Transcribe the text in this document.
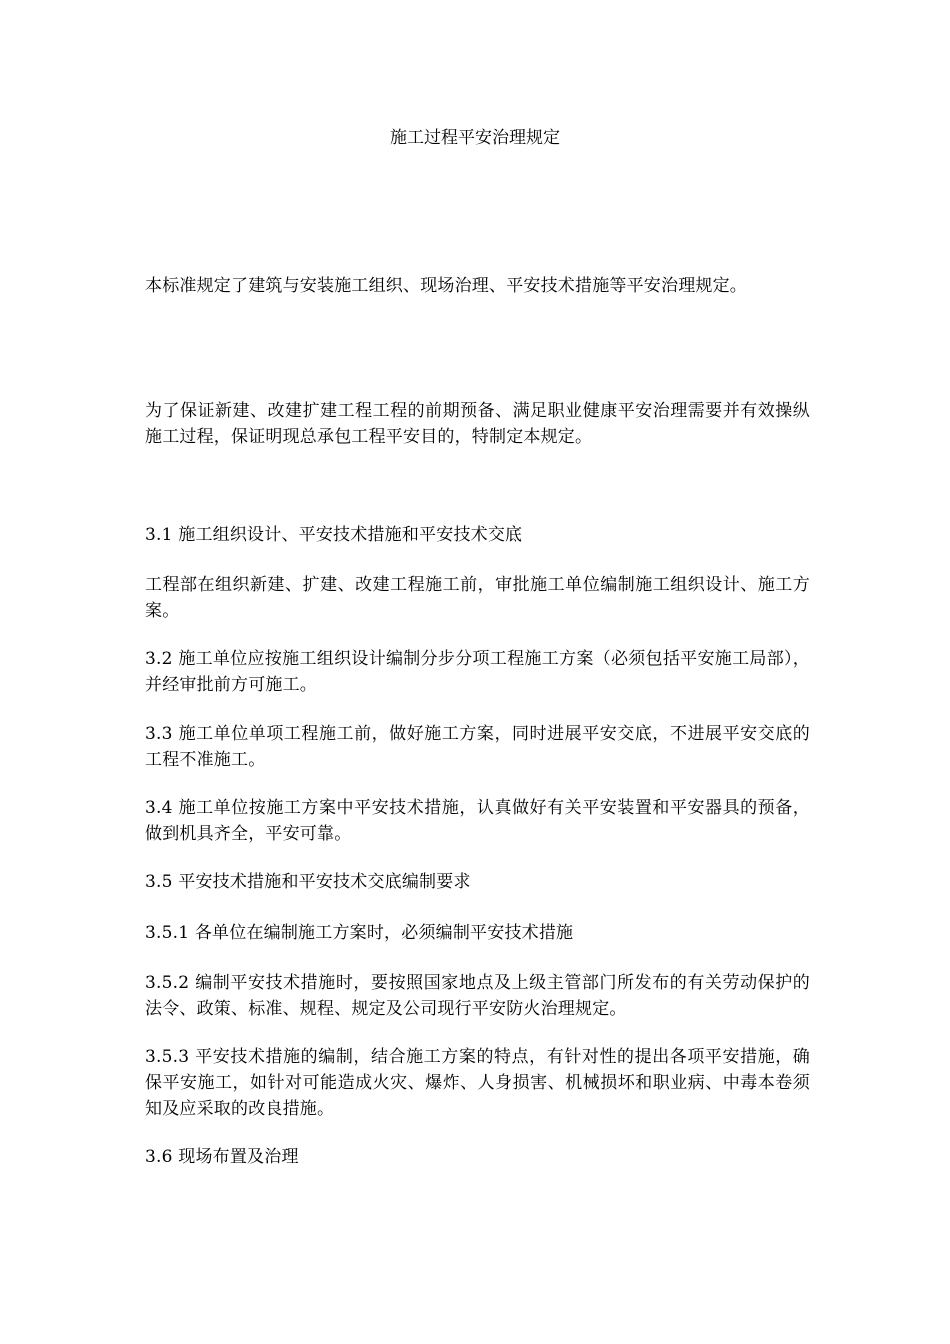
施工过程平安治理规定
本标准规定了建筑与安装施工组织、现场治理、平安技术措施等平安治理规定。
为了保证新建、改建扩建工程工程的前期预备、满足职业健康平安治理需要并有效操纵施工过程，保证明现总承包工程平安目的，特制定本规定。
3.1 施工组织设计、平安技术措施和平安技术交底
工程部在组织新建、扩建、改建工程施工前，审批施工单位编制施工组织设计、施工方案。
3.2 施工单位应按施工组织设计编制分步分项工程施工方案（必须包括平安施工局部），并经审批前方可施工。
3.3 施工单位单项工程施工前，做好施工方案，同时进展平安交底，不进展平安交底的工程不准施工。
3.4 施工单位按施工方案中平安技术措施，认真做好有关平安装置和平安器具的预备，做到机具齐全，平安可靠。
3.5 平安技术措施和平安技术交底编制要求
3.5.1 各单位在编制施工方案时，必须编制平安技术措施
3.5.2 编制平安技术措施时，要按照国家地点及上级主管部门所发布的有关劳动保护的法令、政策、标准、规程、规定及公司现行平安防火治理规定。
3.5.3 平安技术措施的编制，结合施工方案的特点，有针对性的提出各项平安措施，确保平安施工，如针对可能造成火灾、爆炸、人身损害、机械损坏和职业病、中毒本卷须知及应采取的改良措施。
3.6 现场布置及治理
